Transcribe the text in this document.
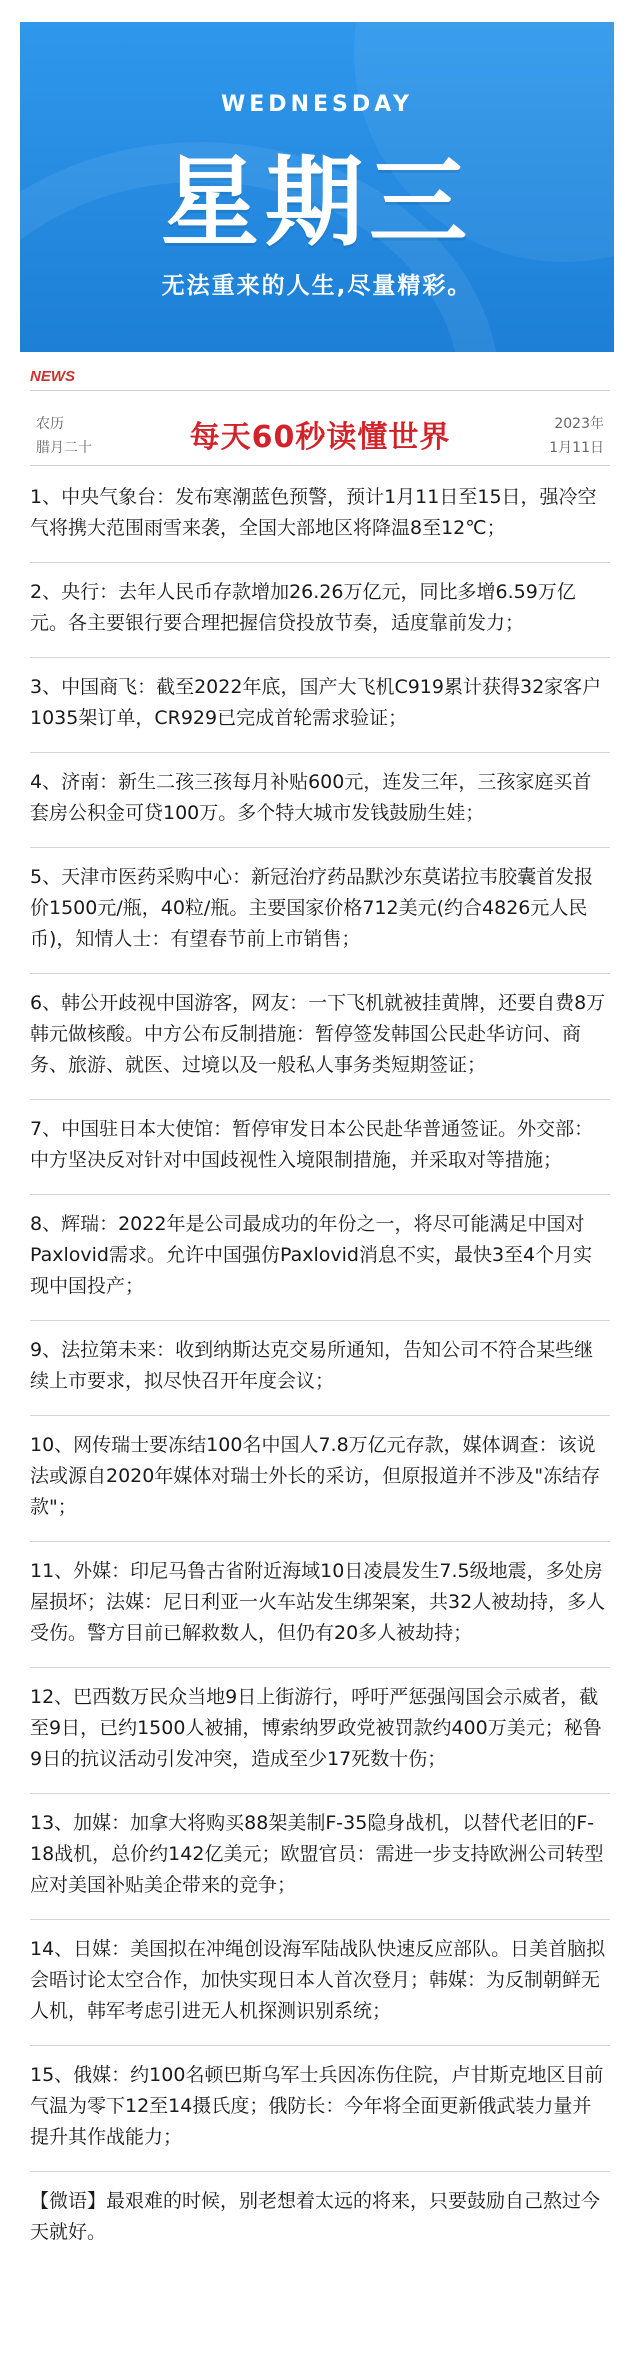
WEDNESDAY
星期三
无法重来的人生,尽量精彩。
NEWS
农历
腊月二十	每天60秒读懂世界	2023年
1月11日

1、中央气象台：发布寒潮蓝色预警，预计1月11日至15日，强冷空气将携大范围雨雪来袭，全国大部地区将降温8至12℃；

2、央行：去年人民币存款增加26.26万亿元，同比多增6.59万亿元。各主要银行要合理把握信贷投放节奏，适度靠前发力；

3、中国商飞：截至2022年底，国产大飞机C919累计获得32家客户1035架订单，CR929已完成首轮需求验证；

4、济南：新生二孩三孩每月补贴600元，连发三年，三孩家庭买首套房公积金可贷100万。多个特大城市发钱鼓励生娃；

5、天津市医药采购中心：新冠治疗药品默沙东莫诺拉韦胶囊首发报价1500元/瓶，40粒/瓶。主要国家价格712美元(约合4826元人民币)，知情人士：有望春节前上市销售；

6、韩公开歧视中国游客，网友：一下飞机就被挂黄牌，还要自费8万韩元做核酸。中方公布反制措施：暂停签发韩国公民赴华访问、商务、旅游、就医、过境以及一般私人事务类短期签证；

7、中国驻日本大使馆：暂停审发日本公民赴华普通签证。外交部：中方坚决反对针对中国歧视性入境限制措施，并采取对等措施；

8、辉瑞：2022年是公司最成功的年份之一，将尽可能满足中国对Paxlovid需求。允许中国强仿Paxlovid消息不实，最快3至4个月实现中国投产；

9、法拉第未来：收到纳斯达克交易所通知，告知公司不符合某些继续上市要求，拟尽快召开年度会议；

10、网传瑞士要冻结100名中国人7.8万亿元存款，媒体调查：该说法或源自2020年媒体对瑞士外长的采访，但原报道并不涉及"冻结存款"；

11、外媒：印尼马鲁古省附近海域10日凌晨发生7.5级地震，多处房屋损坏；法媒：尼日利亚一火车站发生绑架案，共32人被劫持，多人受伤。警方目前已解救数人，但仍有20多人被劫持；

12、巴西数万民众当地9日上街游行，呼吁严惩强闯国会示威者，截至9日，已约1500人被捕，博索纳罗政党被罚款约400万美元；秘鲁9日的抗议活动引发冲突，造成至少17死数十伤；

13、加媒：加拿大将购买88架美制F-35隐身战机，以替代老旧的F-18战机，总价约142亿美元；欧盟官员：需进一步支持欧洲公司转型应对美国补贴美企带来的竞争；

14、日媒：美国拟在冲绳创设海军陆战队快速反应部队。日美首脑拟会晤讨论太空合作，加快实现日本人首次登月；韩媒：为反制朝鲜无人机，韩军考虑引进无人机探测识别系统；

15、俄媒：约100名顿巴斯乌军士兵因冻伤住院，卢甘斯克地区目前气温为零下12至14摄氏度；俄防长：今年将全面更新俄武装力量并提升其作战能力；

【微语】最艰难的时候，别老想着太远的将来，只要鼓励自己熬过今天就好。
